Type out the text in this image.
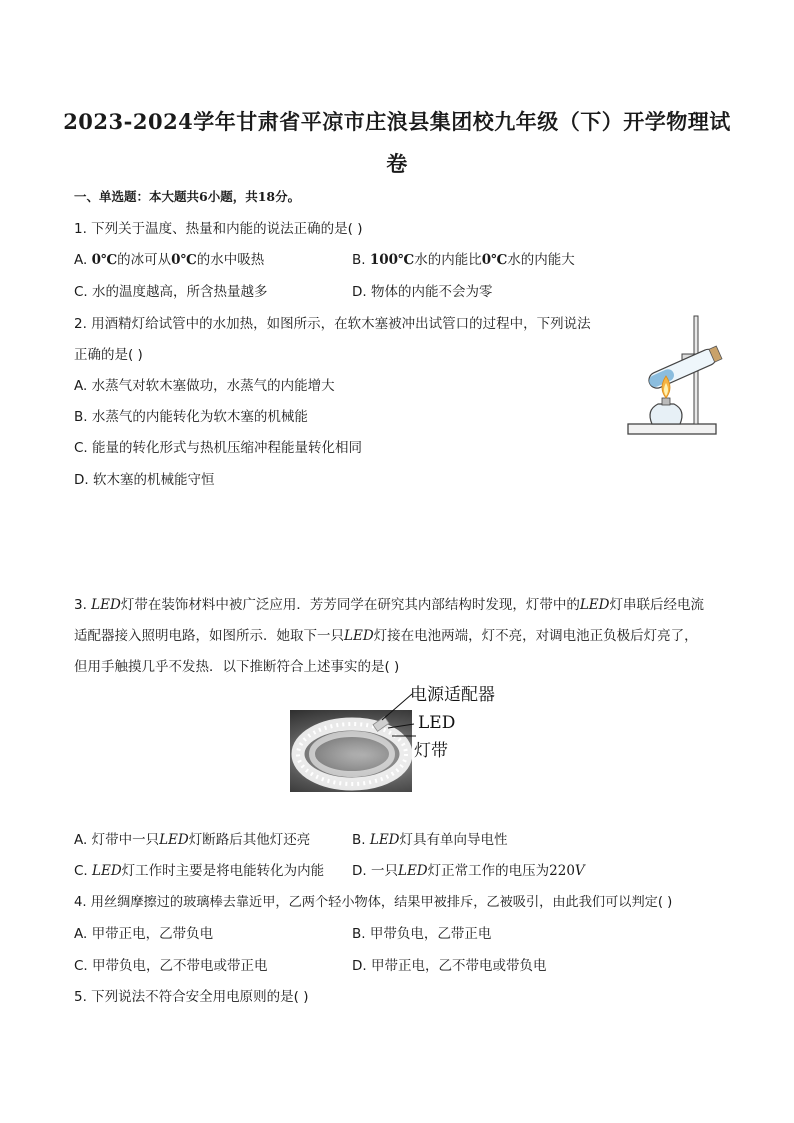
2023-2024学年甘肃省平凉市庄浪县集团校九年级（下）开学物理试
卷
一、单选题：本大题共6小题，共18分。
1. 下列关于温度、热量和内能的说法正确的是( )
A. 0℃的冰可从0℃的水中吸热	B. 100℃水的内能比0℃水的内能大
C. 水的温度越高，所含热量越多	D. 物体的内能不会为零
2. 用酒精灯给试管中的水加热，如图所示，在软木塞被冲出试管口的过程中，下列说法
正确的是( )
A. 水蒸气对软木塞做功，水蒸气的内能增大
B. 水蒸气的内能转化为软木塞的机械能
C. 能量的转化形式与热机压缩冲程能量转化相同
D. 软木塞的机械能守恒
3. LED灯带在装饰材料中被广泛应用．芳芳同学在研究其内部结构时发现，灯带中的LED灯串联后经电流
适配器接入照明电路，如图所示．她取下一只LED灯接在电池两端，灯不亮，对调电池正负极后灯亮了，
但用手触摸几乎不发热．以下推断符合上述事实的是( )
电源适配器
LED
灯带
A. 灯带中一只LED灯断路后其他灯还亮	B. LED灯具有单向导电性
C. LED灯工作时主要是将电能转化为内能 D. 一只LED灯正常工作的电压为220V
4. 用丝绸摩擦过的玻璃棒去靠近甲，乙两个轻小物体，结果甲被排斥，乙被吸引，由此我们可以判定( )
A. 甲带正电，乙带负电	B. 甲带负电，乙带正电
C. 甲带负电，乙不带电或带正电	D. 甲带正电，乙不带电或带负电
5. 下列说法不符合安全用电原则的是( )
